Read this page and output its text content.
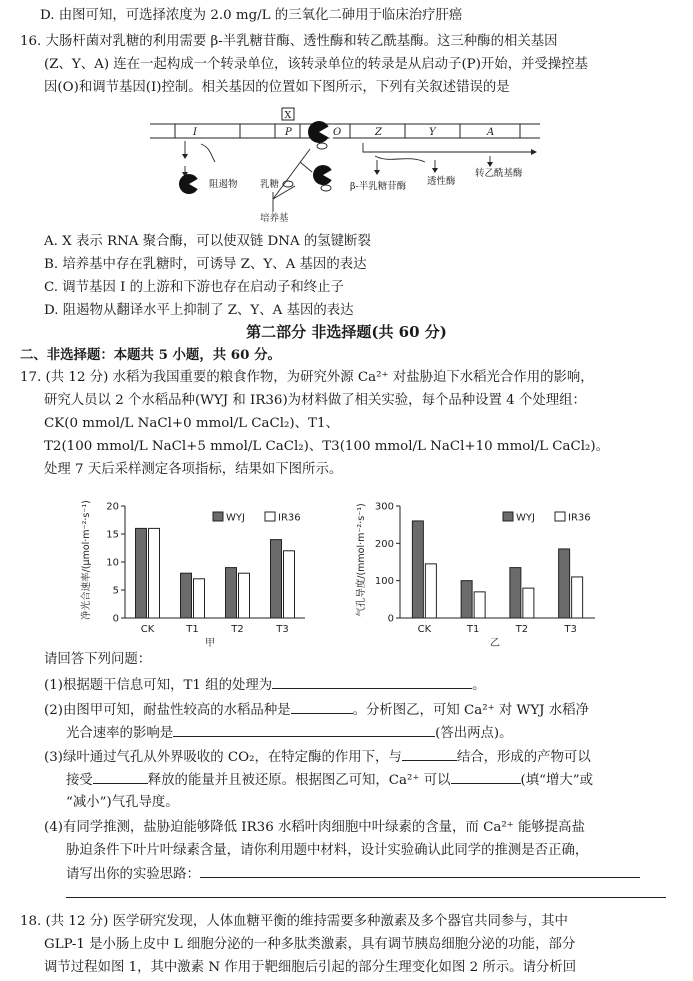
D. 由图可知，可选择浓度为 2.0 mg/L 的三氧化二砷用于临床治疗肝癌
16. 大肠杆菌对乳糖的利用需要 β-半乳糖苷酶、透性酶和转乙酰基酶。这三种酶的相关基因
(Z、Y、A) 连在一起构成一个转录单位，该转录单位的转录是从启动子(P)开始，并受操控基
因(O)和调节基因(I)控制。相关基因的位置如下图所示，下列有关叙述错误的是
I	P	O	Z	Y	A
X
阻遏物 乳糖
培养基
转乙酰基酶
透性酶
β-半乳糖苷酶
A. X 表示 RNA 聚合酶，可以使双链 DNA 的氢键断裂
B. 培养基中存在乳糖时，可诱导 Z、Y、A 基因的表达
C. 调节基因 I 的上游和下游也存在启动子和终止子
D. 阻遏物从翻译水平上抑制了 Z、Y、A 基因的表达
第二部分 非选择题(共 60 分)
二、非选择题：本题共 5 小题，共 60 分。
17. (共 12 分) 水稻为我国重要的粮食作物，为研究外源 Ca²⁺ 对盐胁迫下水稻光合作用的影响，
研究人员以 2 个水稻品种(WYJ 和 IR36)为材料做了相关实验，每个品种设置 4 个处理组：
CK(0 mmol/L NaCl+0 mmol/L CaCl₂)、T1、
T2(100 mmol/L NaCl+5 mmol/L CaCl₂)、T3(100 mmol/L NaCl+10 mmol/L CaCl₂)。
处理 7 天后采样测定各项指标，结果如下图所示。
0
5
10
15
20
CK	T1	T2	T3
WYJ	IR36
净光合速率/(μmol·m⁻²·s⁻¹)
甲
0
100
200
300
CK	T1	T2	T3
WYJ	IR36
气孔导度/(mmol·m⁻²·s⁻¹)
乙
请回答下列问题：
(1)根据题干信息可知，T1 组的处理为	。
(2)由图甲可知，耐盐性较高的水稻品种是	。分析图乙，可知 Ca²⁺ 对 WYJ 水稻净
光合速率的影响是	(答出两点)。
(3)绿叶通过气孔从外界吸收的 CO₂，在特定酶的作用下，与	结合，形成的产物可以
接受	释放的能量并且被还原。根据图乙可知，Ca²⁺ 可以	(填“增大”或
“减小”)气孔导度。
(4)有同学推测，盐胁迫能够降低 IR36 水稻叶肉细胞中叶绿素的含量，而 Ca²⁺ 能够提高盐
胁迫条件下叶片叶绿素含量，请你利用题中材料，设计实验确认此同学的推测是否正确，
请写出你的实验思路：
18. (共 12 分) 医学研究发现，人体血糖平衡的维持需要多种激素及多个器官共同参与，其中
GLP-1 是小肠上皮中 L 细胞分泌的一种多肽类激素，具有调节胰岛细胞分泌的功能，部分
调节过程如图 1，其中激素 N 作用于靶细胞后引起的部分生理变化如图 2 所示。请分析回
